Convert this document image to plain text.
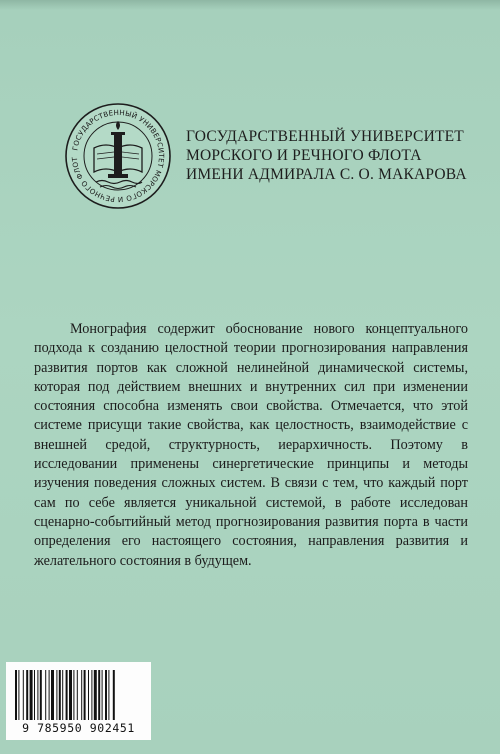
ГОСУДАРСТВЕННЫЙ УНИВЕРСИТЕТ МОРСКОГО И РЕЧНОГО ФЛОТ
ГОСУДАРСТВЕННЫЙ УНИВЕРСИТЕТ
МОРСКОГО И РЕЧНОГО ФЛОТА
ИМЕНИ АДМИРАЛА С. О. МАКАРОВА

Монография содержит обоснование нового концептуального подхода к созданию целостной теории прогнозирования направления развития портов как сложной нелинейной динамической системы, которая под действием внешних и внутренних сил при изменении состояния способна изменять свои свойства. Отмечается, что этой системе присущи такие свойства, как целостность, взаимодействие с внешней средой, структурность, иерархичность. Поэтому в исследовании применены синергетические принципы и методы изучения поведения сложных систем. В связи с тем, что каждый порт сам по себе является уникальной системой, в работе исследован сценарно-событийный метод прогнозирования развития порта в части определения его настоящего состояния, направления развития и желательного состояния в будущем.

9 785950 902451
